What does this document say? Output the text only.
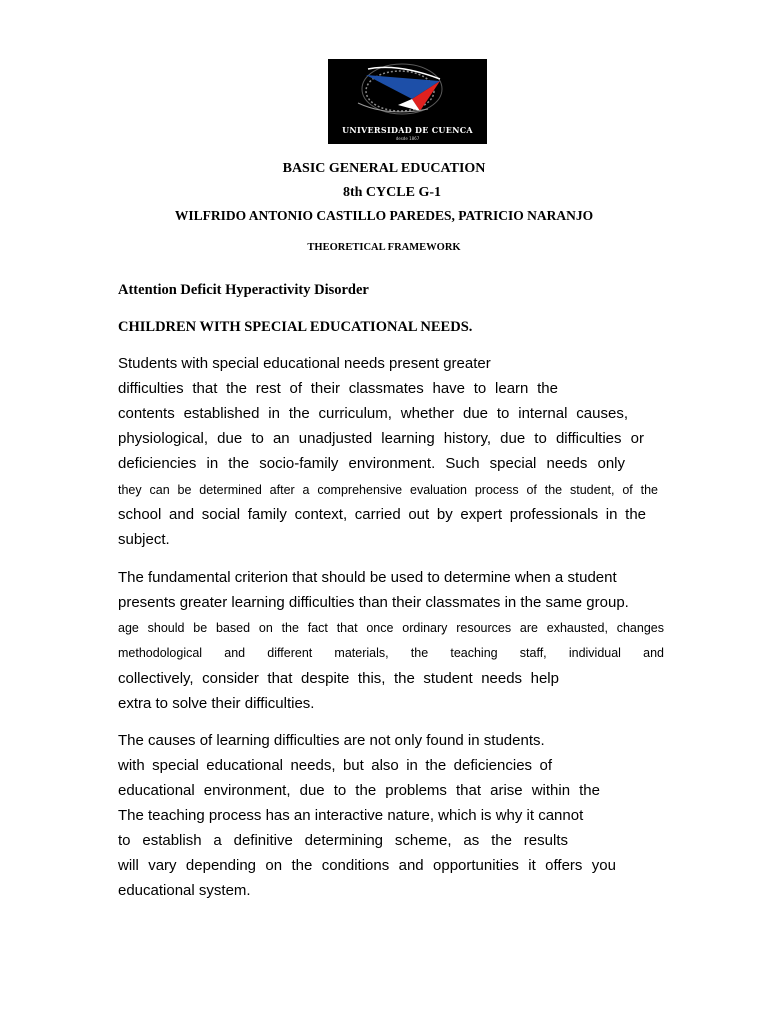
UNIVERSIDAD DE CUENCA
desde 1867
BASIC GENERAL EDUCATION
8th CYCLE G-1
WILFRIDO ANTONIO CASTILLO PAREDES, PATRICIO NARANJO
THEORETICAL FRAMEWORK
Attention Deficit Hyperactivity Disorder
CHILDREN WITH SPECIAL EDUCATIONAL NEEDS.
Students with special educational needs present greater
difficulties that the rest of their classmates have to learn the
contents established in the curriculum, whether due to internal causes,
physiological, due to an unadjusted learning history, due to difficulties or
deficiencies in the socio-family environment. Such special needs only
they can be determined after a comprehensive evaluation process of the student, of the
school and social family context, carried out by expert professionals in the
subject.
The fundamental criterion that should be used to determine when a student
presents greater learning difficulties than their classmates in the same group.
age should be based on the fact that once ordinary resources are exhausted, changes
methodological and different materials, the teaching staff, individual and
collectively, consider that despite this, the student needs help
extra to solve their difficulties.
The causes of learning difficulties are not only found in students.
with special educational needs, but also in the deficiencies of
educational environment, due to the problems that arise within the
The teaching process has an interactive nature, which is why it cannot
to establish a definitive determining scheme, as the results
will vary depending on the conditions and opportunities it offers you
educational system.
